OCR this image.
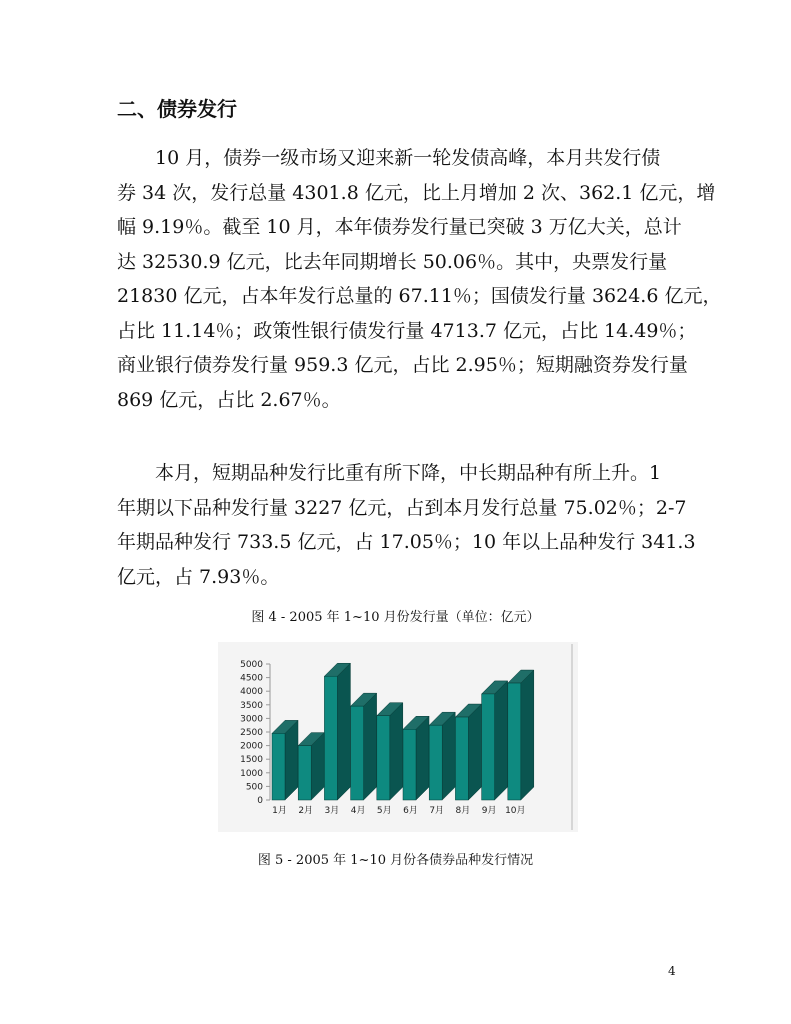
二、债券发行
10 月，债券一级市场又迎来新一轮发债高峰，本月共发行债
券 34 次，发行总量 4301.8 亿元，比上月增加 2 次、362.1 亿元，增
幅 9.19％。截至 10 月，本年债券发行量已突破 3 万亿大关，总计
达 32530.9 亿元，比去年同期增长 50.06％。其中，央票发行量
21830 亿元，占本年发行总量的 67.11％；国债发行量 3624.6 亿元，
占比 11.14％；政策性银行债发行量 4713.7 亿元，占比 14.49％；
商业银行债券发行量 959.3 亿元，占比 2.95％；短期融资券发行量
869 亿元，占比 2.67％。
本月，短期品种发行比重有所下降，中长期品种有所上升。1
年期以下品种发行量 3227 亿元，占到本月发行总量 75.02％；2-7
年期品种发行 733.5 亿元，占 17.05％；10 年以上品种发行 341.3
亿元，占 7.93％。
图 4 - 2005 年 1~10 月份发行量（单位：亿元）
0
500
1000
1500
2000
2500
3000
3500
4000
4500
5000
1月 2月 3月 4月 5月 6月 7月 8月 9月 10月
图 5 - 2005 年 1~10 月份各债券品种发行情况
4
